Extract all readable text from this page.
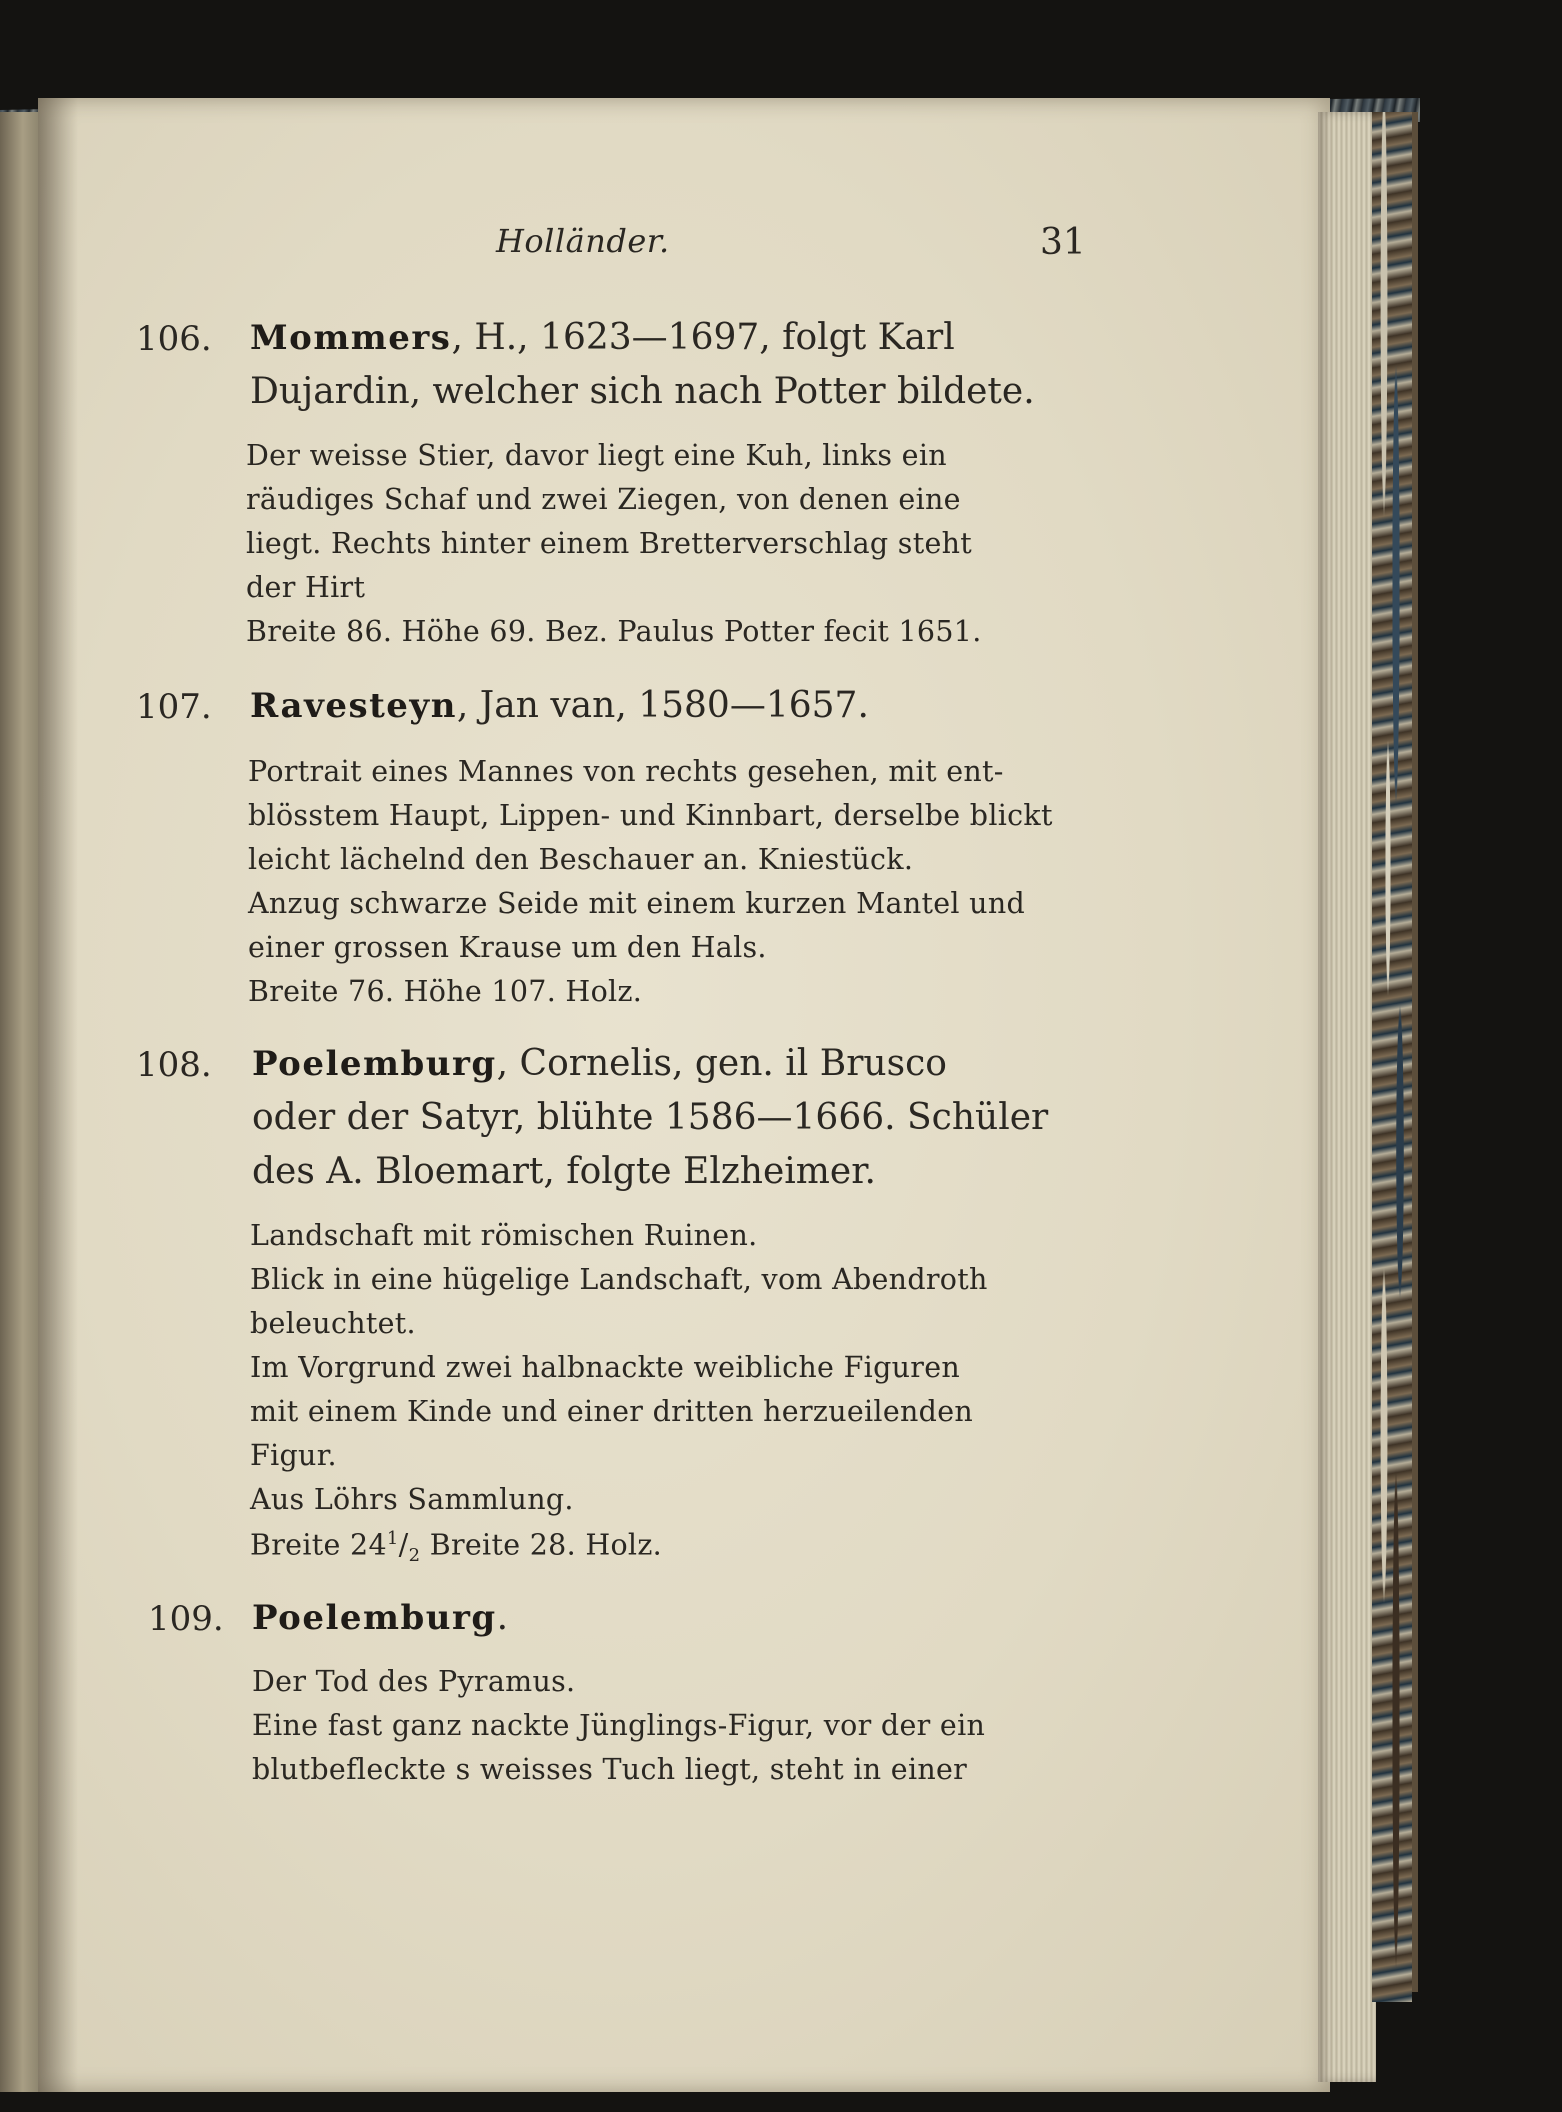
Holländer.	31
106. Mommers, H., 1623—1697, folgt Karl
Dujardin, welcher sich nach Potter bildete.
Der weisse Stier, davor liegt eine Kuh, links ein
räudiges Schaf und zwei Ziegen, von denen eine
liegt. Rechts hinter einem Bretterverschlag steht
der Hirt
Breite 86. Höhe 69. Bez. Paulus Potter fecit 1651.
107. Ravesteyn, Jan van, 1580—1657.
Portrait eines Mannes von rechts gesehen, mit ent-
blösstem Haupt, Lippen- und Kinnbart, derselbe blickt
leicht lächelnd den Beschauer an. Kniestück.
Anzug schwarze Seide mit einem kurzen Mantel und
einer grossen Krause um den Hals.
Breite 76. Höhe 107. Holz.
108. Poelemburg, Cornelis, gen. il Brusco
oder der Satyr, blühte 1586—1666. Schüler
des A. Bloemart, folgte Elzheimer.
Landschaft mit römischen Ruinen.
Blick in eine hügelige Landschaft, vom Abendroth
beleuchtet.
Im Vorgrund zwei halbnackte weibliche Figuren
mit einem Kinde und einer dritten herzueilenden
Figur.
Aus Löhrs Sammlung.
Breite $24^1/_2$ Breite 28. Holz.
109. Poelemburg.
Der Tod des Pyramus.
Eine fast ganz nackte Jünglings-Figur, vor der ein
blutbefleckte s weisses Tuch liegt, steht in einer
